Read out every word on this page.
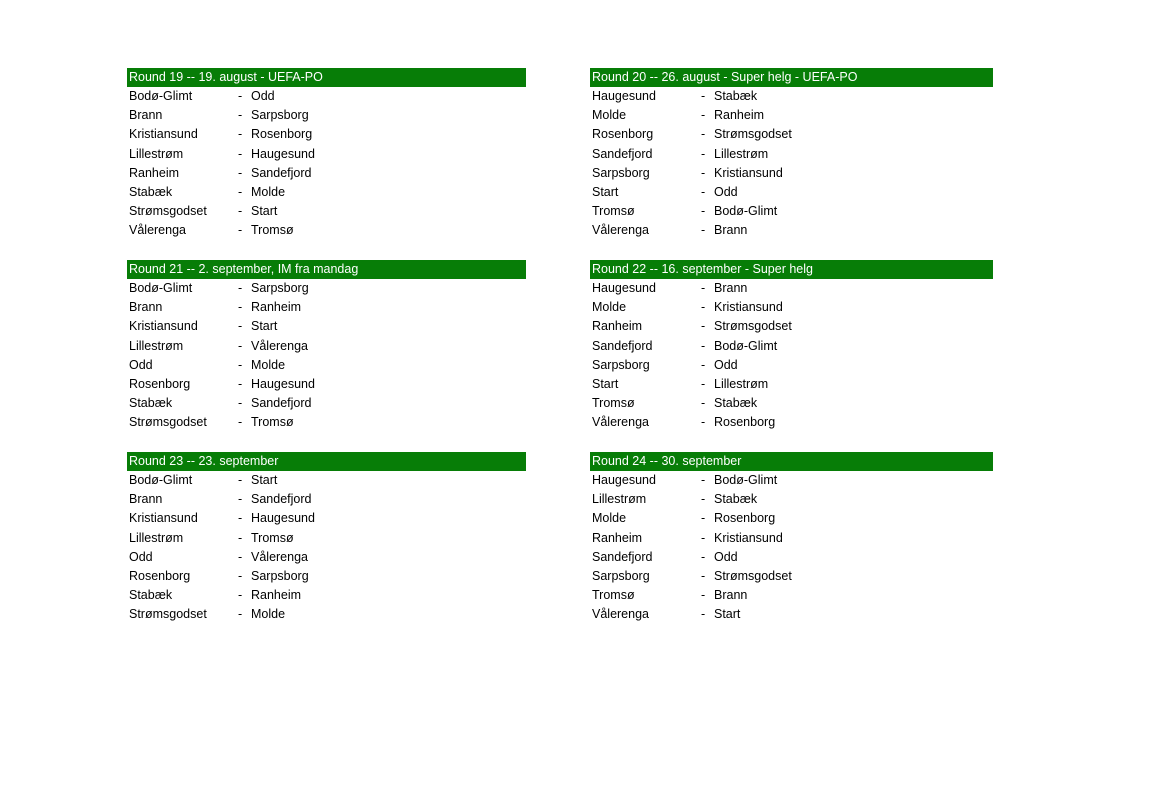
Round 19 -- 19. august - UEFA-PO
Bodø-Glimt	- Odd
Brann	- Sarpsborg
Kristiansund	- Rosenborg
Lillestrøm	- Haugesund
Ranheim	- Sandefjord
Stabæk	- Molde
Strømsgodset - Start
Vålerenga	- Tromsø
Round 20 -- 26. august - Super helg - UEFA-PO
Haugesund	- Stabæk
Molde	- Ranheim
Rosenborg	- Strømsgodset
Sandefjord	- Lillestrøm
Sarpsborg	- Kristiansund
Start	- Odd
Tromsø	- Bodø-Glimt
Vålerenga	- Brann
Round 21 -- 2. september, IM fra mandag
Bodø-Glimt	- Sarpsborg
Brann	- Ranheim
Kristiansund	- Start
Lillestrøm	- Vålerenga
Odd	- Molde
Rosenborg	- Haugesund
Stabæk	- Sandefjord
Strømsgodset - Tromsø
Round 22 -- 16. september - Super helg
Haugesund	- Brann
Molde	- Kristiansund
Ranheim	- Strømsgodset
Sandefjord	- Bodø-Glimt
Sarpsborg	- Odd
Start	- Lillestrøm
Tromsø	- Stabæk
Vålerenga	- Rosenborg
Round 23 -- 23. september
Bodø-Glimt	- Start
Brann	- Sandefjord
Kristiansund	- Haugesund
Lillestrøm	- Tromsø
Odd	- Vålerenga
Rosenborg	- Sarpsborg
Stabæk	- Ranheim
Strømsgodset - Molde
Round 24 -- 30. september
Haugesund	- Bodø-Glimt
Lillestrøm	- Stabæk
Molde	- Rosenborg
Ranheim	- Kristiansund
Sandefjord	- Odd
Sarpsborg	- Strømsgodset
Tromsø	- Brann
Vålerenga	- Start
